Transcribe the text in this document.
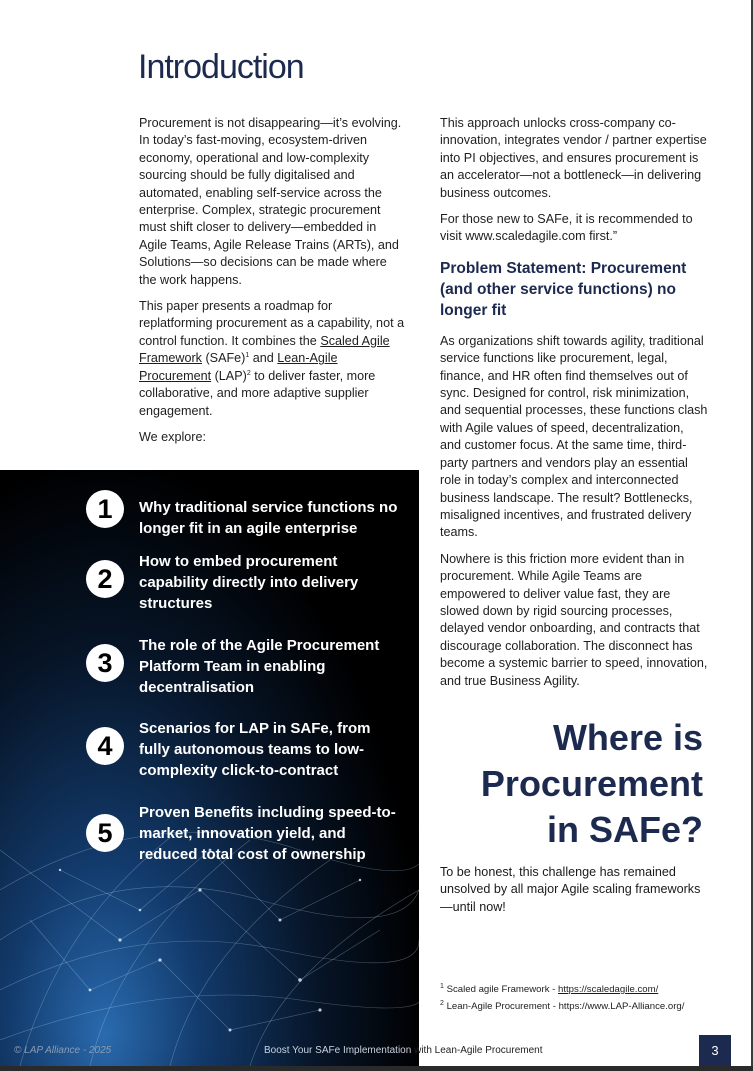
Introduction

Procurement is not disappearing—it’s evolving. In today’s fast-moving, ecosystem-driven economy, operational and low-complexity sourcing should be fully digitalised and automated, enabling self-service across the enterprise. Complex, strategic procurement must shift closer to delivery—embedded in Agile Teams, Agile Release Trains (ARTs), and Solutions—so decisions can be made where the work happens.

This paper presents a roadmap for replatforming procurement as a capability, not a control function. It combines the Scaled Agile Framework (SAFe)$^1$ and Lean-Agile Procurement (LAP)$^2$ to deliver faster, more collaborative, and more adaptive supplier engagement.

We explore:

1	Why traditional service functions no longer fit in an agile enterprise
2
How to embed procurement capability directly into delivery structures
3
The role of the Agile Procurement Platform Team in enabling decentralisation
4
Scenarios for LAP in SAFe, from fully autonomous teams to low-complexity click-to-contract
5
Proven Benefits including speed-to-market, innovation yield, and reduced total cost of ownership

This approach unlocks cross-company co-innovation, integrates vendor / partner expertise into PI objectives, and ensures procurement is an accelerator—not a bottleneck—in delivering business outcomes.

For those new to SAFe, it is recommended to visit www.scaledagile.com first.”

Problem Statement: Procurement (and other service functions) no longer fit

As organizations shift towards agility, traditional service functions like procurement, legal, finance, and HR often find themselves out of sync. Designed for control, risk minimization, and sequential processes, these functions clash with Agile values of speed, decentralization, and customer focus. At the same time, third-party partners and vendors play an essential role in today’s complex and interconnected business landscape. The result? Bottlenecks, misaligned incentives, and frustrated delivery teams.

Nowhere is this friction more evident than in procurement. While Agile Teams are empowered to deliver value fast, they are slowed down by rigid sourcing processes, delayed vendor onboarding, and contracts that discourage collaboration. The disconnect has become a systemic barrier to speed, innovation, and true Business Agility.

Where is
Procurement
in SAFe?

To be honest, this challenge has remained unsolved by all major Agile scaling frameworks—until now!

$^1$ Scaled agile Framework - https://scaledagile.com/
$^2$ Lean-Agile Procurement - https://www.LAP-Alliance.org/
© LAP Alliance - 2025	Boost Your SAFe Implementation with Lean-Agile Procurement	3
